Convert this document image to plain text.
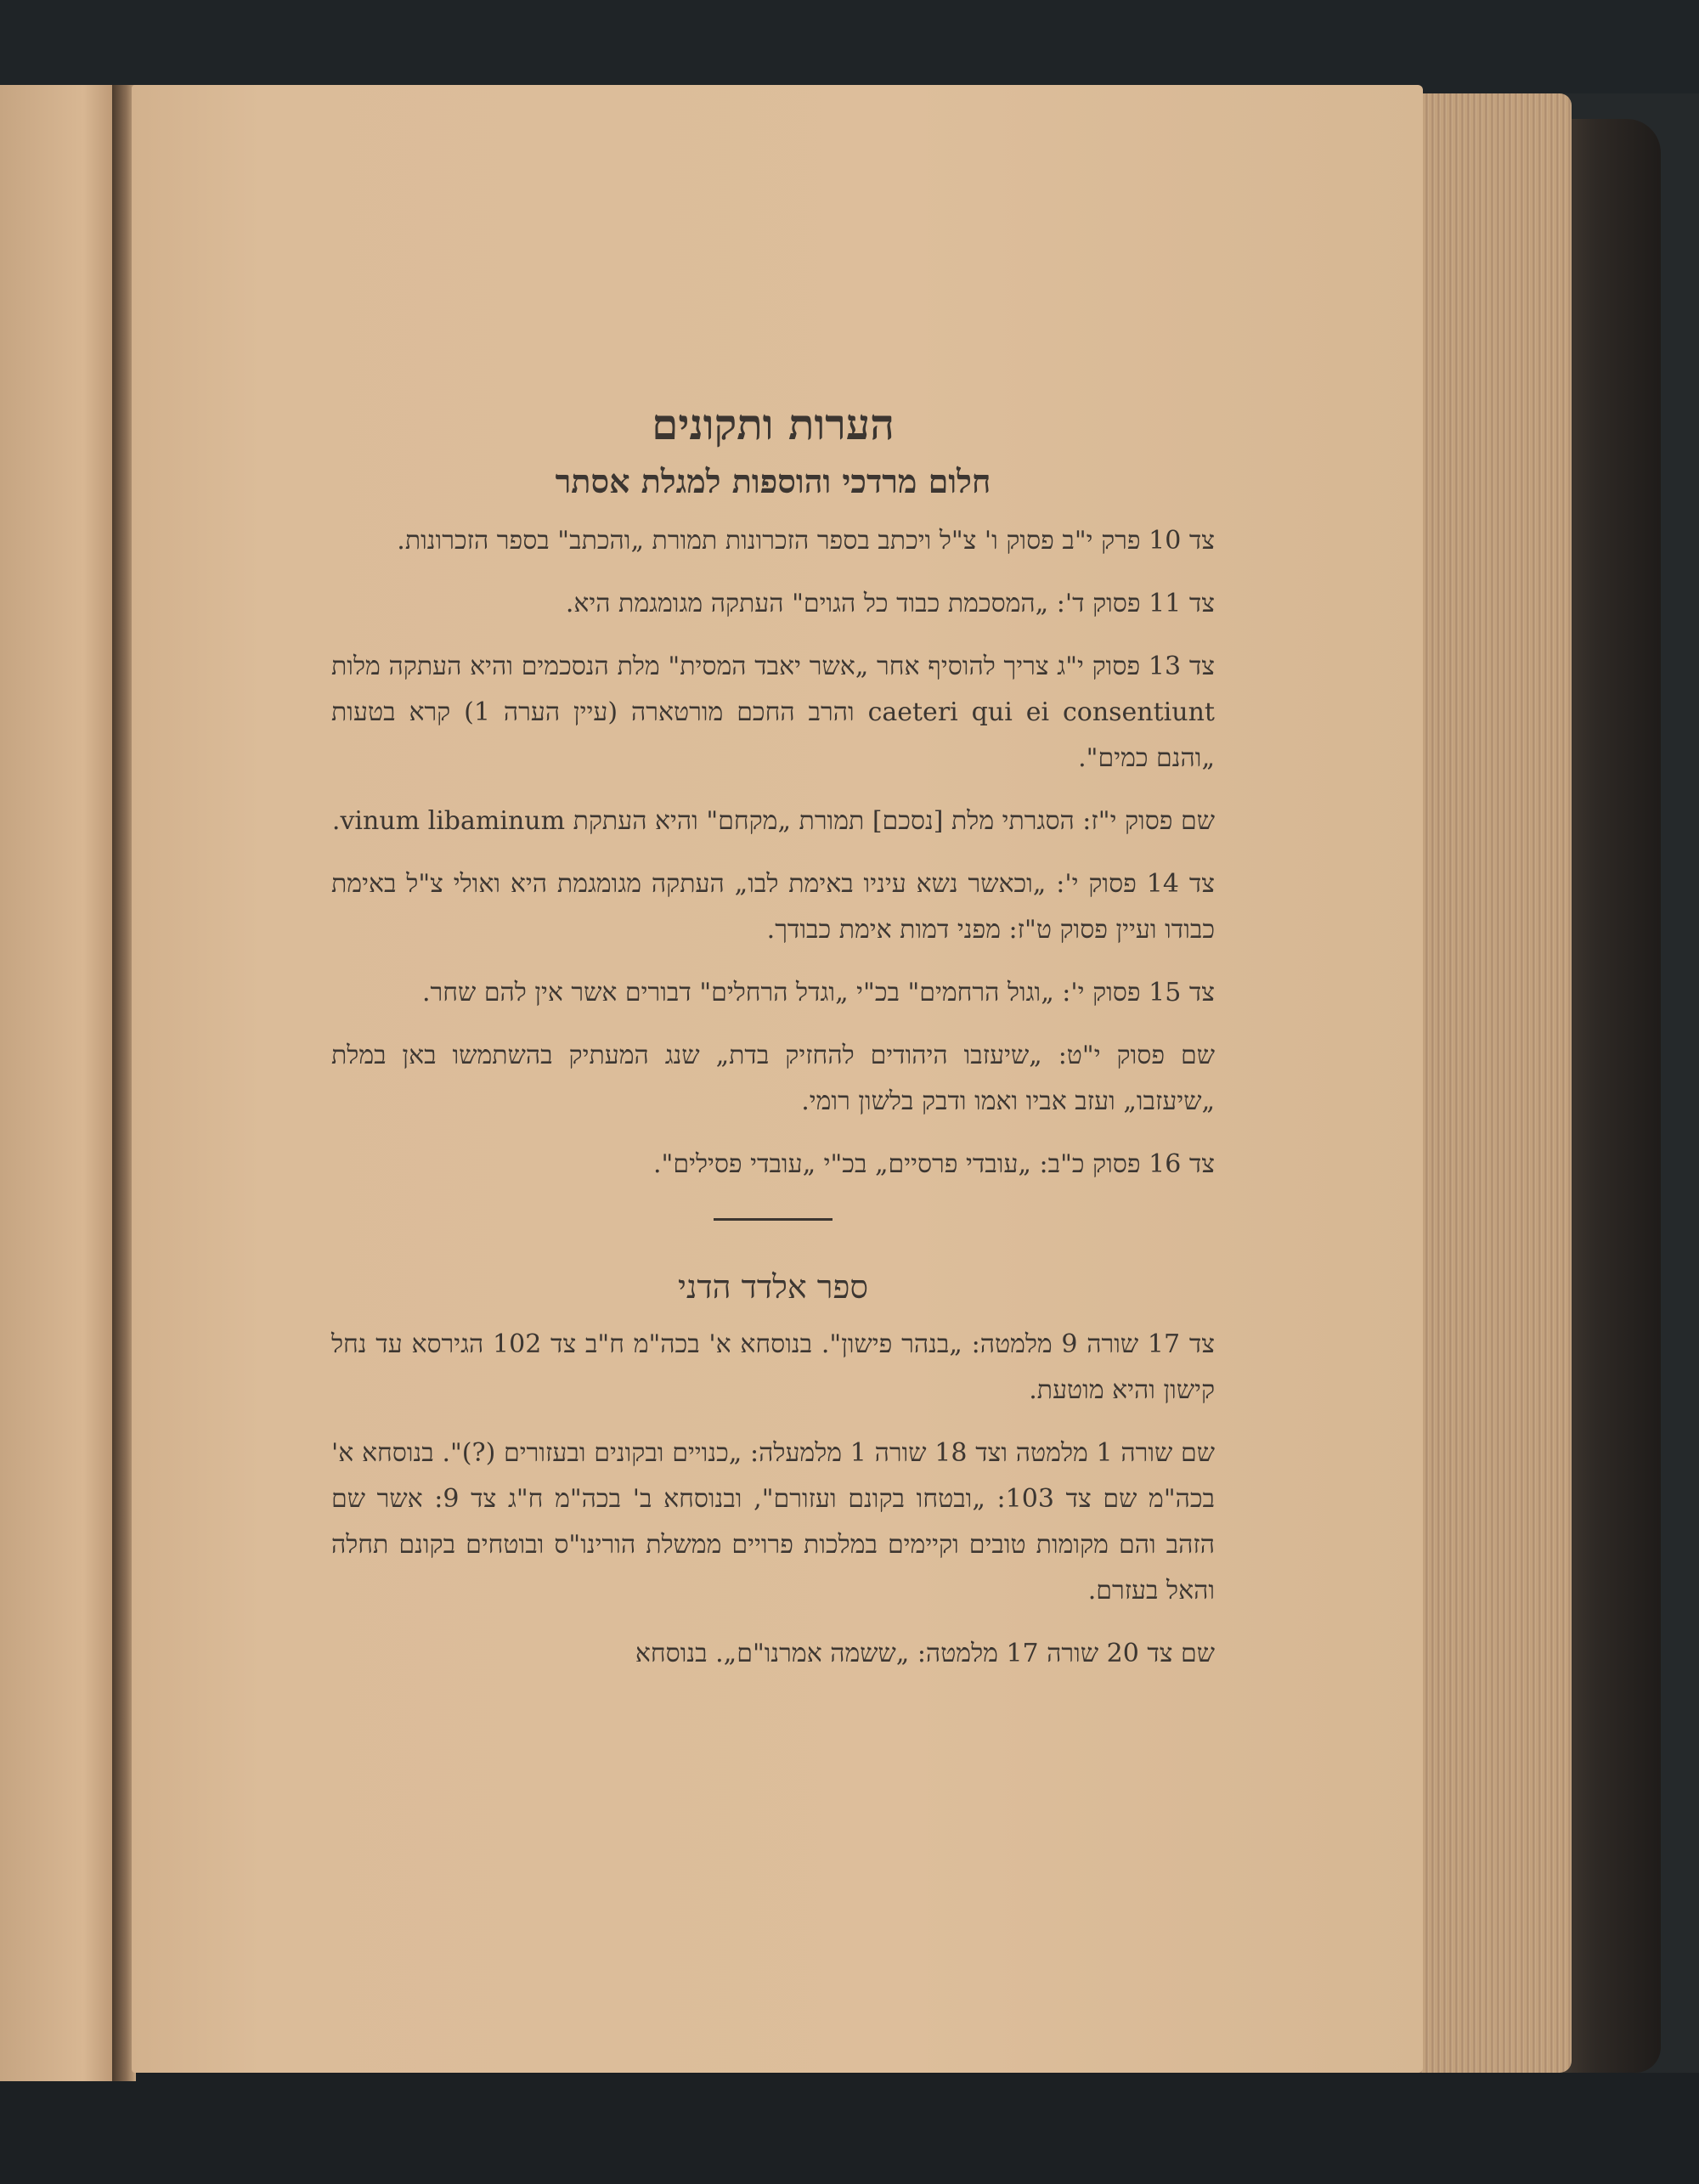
הערות ותקונים
חלום מרדכי והוספות למגלת אסתר

צד 10 פרק י"ב פסוק ו' צ"ל ויכתב בספר הזכרונות תמורת „והכתב" בספר הזכרונות.

צד 11 פסוק ד': „המסכמת כבוד כל הגוים" העתקה מגומגמת היא.

צד 13 פסוק י"ג צריך להוסיף אחר „אשר יאבד המסית" מלת הנסכמים והיא העתקה מלות caeteri qui ei consentiunt והרב החכם מורטארה (עיין הערה 1) קרא בטעות „והנם כמים".

שם פסוק י"ז: הסגרתי מלת [נסכם] תמורת „מקחם" והיא העתקת vinum libaminum.

צד 14 פסוק י': „וכאשר נשא עיניו באימת לבו„ העתקה מגומגמת היא ואולי צ"ל באימת כבודו ועיין פסוק ט"ז: מפני דמות אימת כבודך.

צד 15 פסוק י': „וגול הרחמים" בכ"י „וגדל הרחלים" דבורים אשר אין להם שחר.

שם פסוק י"ט: „שיעזבו היהודים להחזיק בדת„ שנג המעתיק בהשתמשו באן במלת „שיעזבו„ ועזב אביו ואמו ודבק בלשון רומי.

צד 16 פסוק כ"ב: „עובדי פרסיים„ בכ"י „עובדי פסילים".

ספר אלדד הדני

צד 17 שורה 9 מלמטה: „בנהר פישון". בנוסחא א' בכה"מ ח"ב צד 102 הגירסא עד נחל קישון והיא מוטעת.

שם שורה 1 מלמטה וצד 18 שורה 1 מלמעלה: „כנויים ובקונים ובעזורים (?)". בנוסחא א' בכה"מ שם צד 103: „ובטחו בקונם ועזורם", ובנוסחא ב' בכה"מ ח"ג צד 9: אשר שם הזהב והם מקומות טובים וקיימים במלכות פרויים ממשלת הורינו"ס ובוטחים בקונם תחלה והאל בעזרם.

שם צד 20 שורה 17 מלמטה: „ששמה אמרנו"ם„. בנוסחא
